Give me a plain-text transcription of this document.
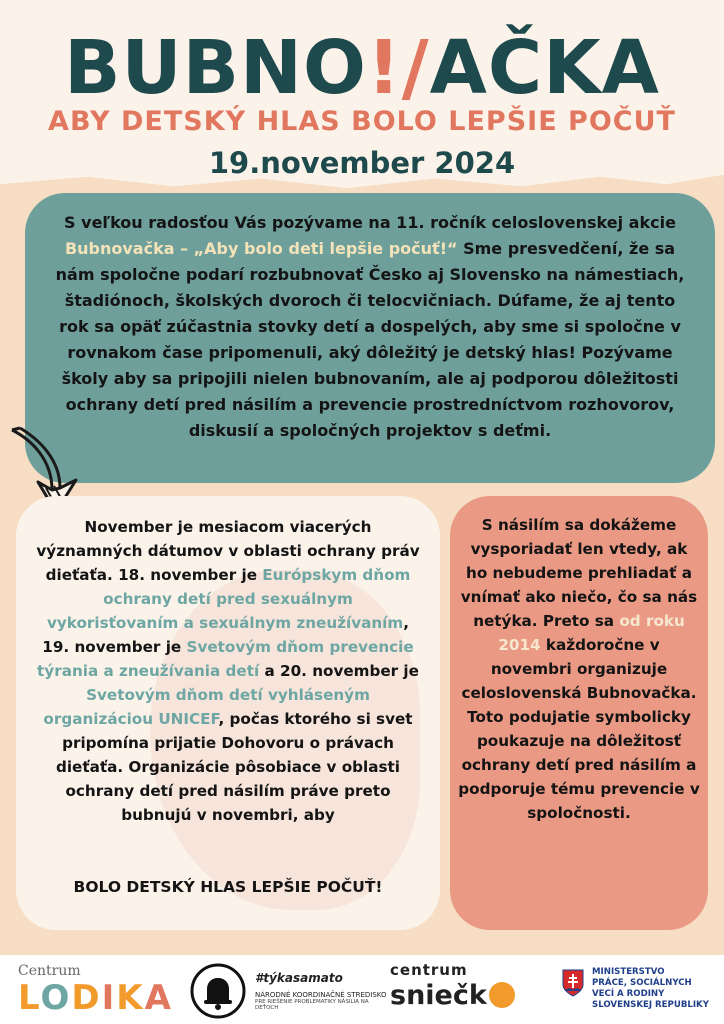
BUBNO!/AČKA
ABY DETSKÝ HLAS BOLO LEPŠIE POČUŤ
19.november 2024
S veľkou radosťou Vás pozývame na 11. ročník celoslovenskej akcie Bubnovačka – „Aby bolo deti lepšie počuť!“ Sme presvedčení, že sa nám spoločne podarí rozbubnovať Česko aj Slovensko na námestiach, štadiónoch, školských dvoroch či telocvičniach. Dúfame, že aj tento rok sa opäť zúčastnia stovky detí a dospelých, aby sme si spoločne v rovnakom čase pripomenuli, aký dôležitý je detský hlas! Pozývame školy aby sa pripojili nielen bubnovaním, ale aj podporou dôležitosti ochrany detí pred násilím a prevencie prostredníctvom rozhovorov, diskusií a spoločných projektov s deťmi.
November je mesiacom viacerých významných dátumov v oblasti ochrany práv dieťaťa. 18. november je Európskym dňom ochrany detí pred sexuálnym vykorisťovaním a sexuálnym zneužívaním, 19. november je Svetovým dňom prevencie týrania a zneužívania detí a 20. november je Svetovým dňom detí vyhláseným organizáciou UNICEF, počas ktorého si svet pripomína prijatie Dohovoru o právach dieťaťa. Organizácie pôsobiace v oblasti ochrany detí pred násilím práve preto bubnujú v novembri, aby
BOLO DETSKÝ HLAS LEPŠIE POČUŤ!
S násilím sa dokážeme vysporiadať len vtedy, ak ho nebudeme prehliadať a vnímať ako niečo, čo sa nás netýka. Preto sa od roku 2014 každoročne v novembri organizuje celoslovenská Bubnovačka. Toto podujatie symbolicky poukazuje na dôležitosť ochrany detí pred násilím a podporuje tému prevencie v spoločnosti.
Centrum
LODIKA	#týkasamato
NÁRODNÉ KOORDINAČNÉ STREDISKO
PRE RIEŠENIE PROBLEMATIKY NÁSILIA NA DEŤOCH
centrum
sniečk
MINISTERSTVO
PRÁCE, SOCIÁLNYCH
VECÍ A RODINY
SLOVENSKEJ REPUBLIKY
